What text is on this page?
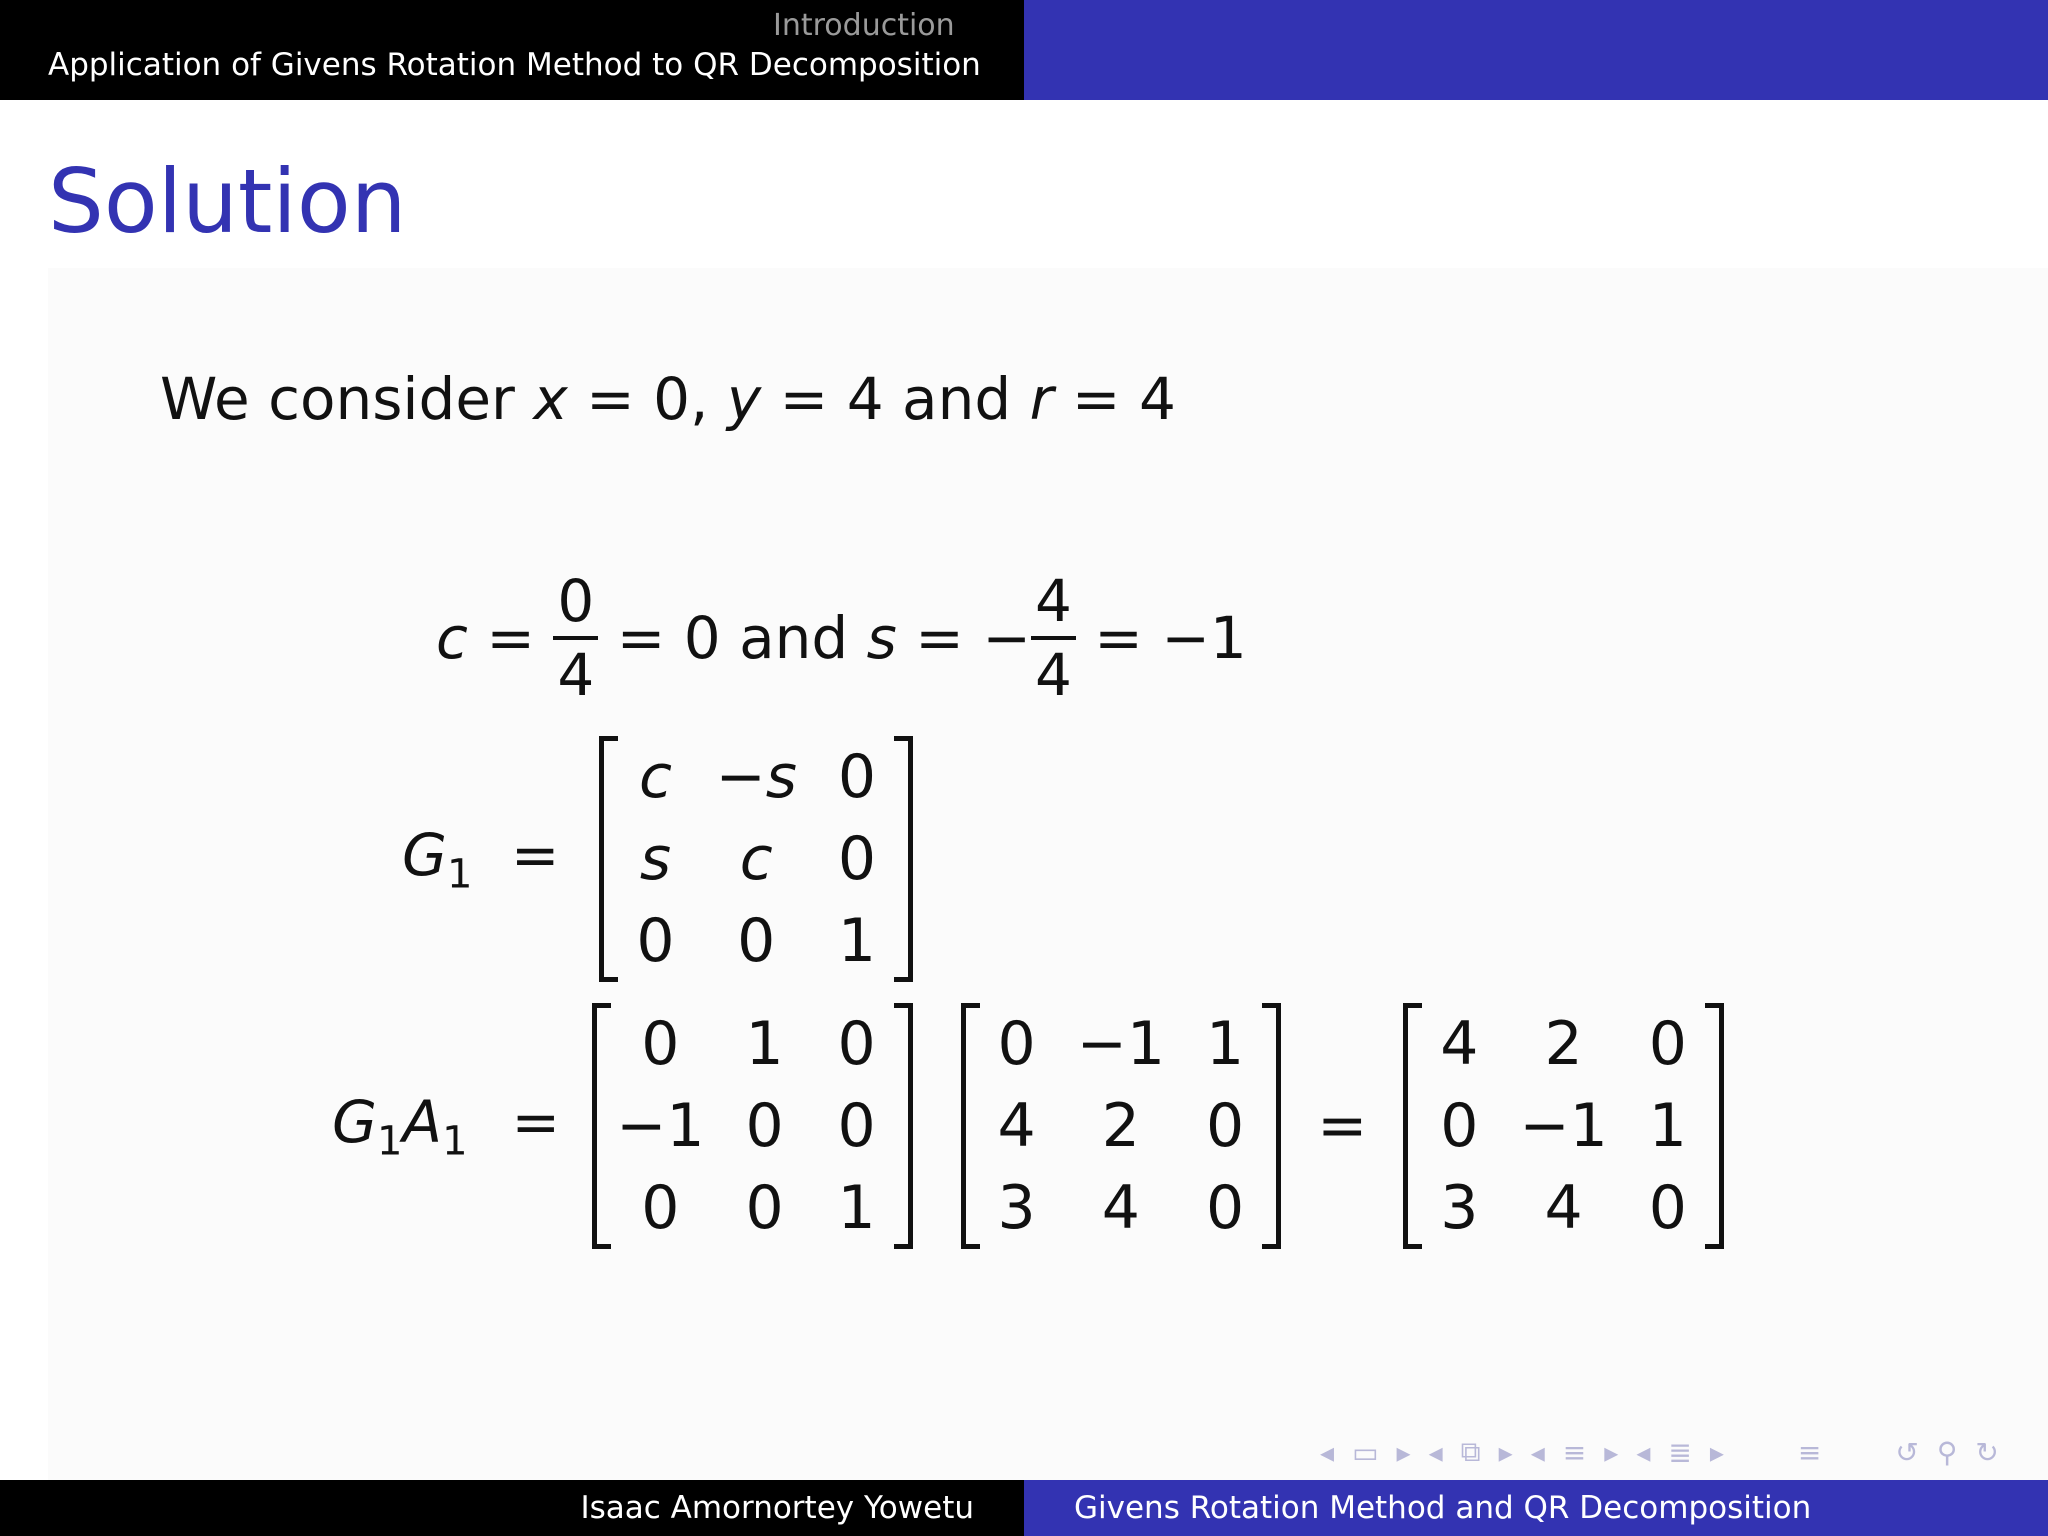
Introduction
Application of Givens Rotation Method to QR Decomposition
Solution
We consider x = 0, y = 4 and r = 4
$c = \frac{0}{4} = 0$ and s = − $\frac{4}{4} = -1$
$G_1$ =
c	−s	0
s	c	0
0	0	1
$G_1A_1$ =
0	1	0
−1	0	0
0	0	1
0	−1	1
4	2	0
3	4	0
=
4	2	0
0	−1	1
3	4	0
◂ ▭ ▸ ◂ ⧉ ▸ ◂ ≡ ▸ ◂ ≣ ▸	≡	↺ ⚲ ↻
Isaac Amornortey Yowetu	Givens Rotation Method and QR Decomposition
